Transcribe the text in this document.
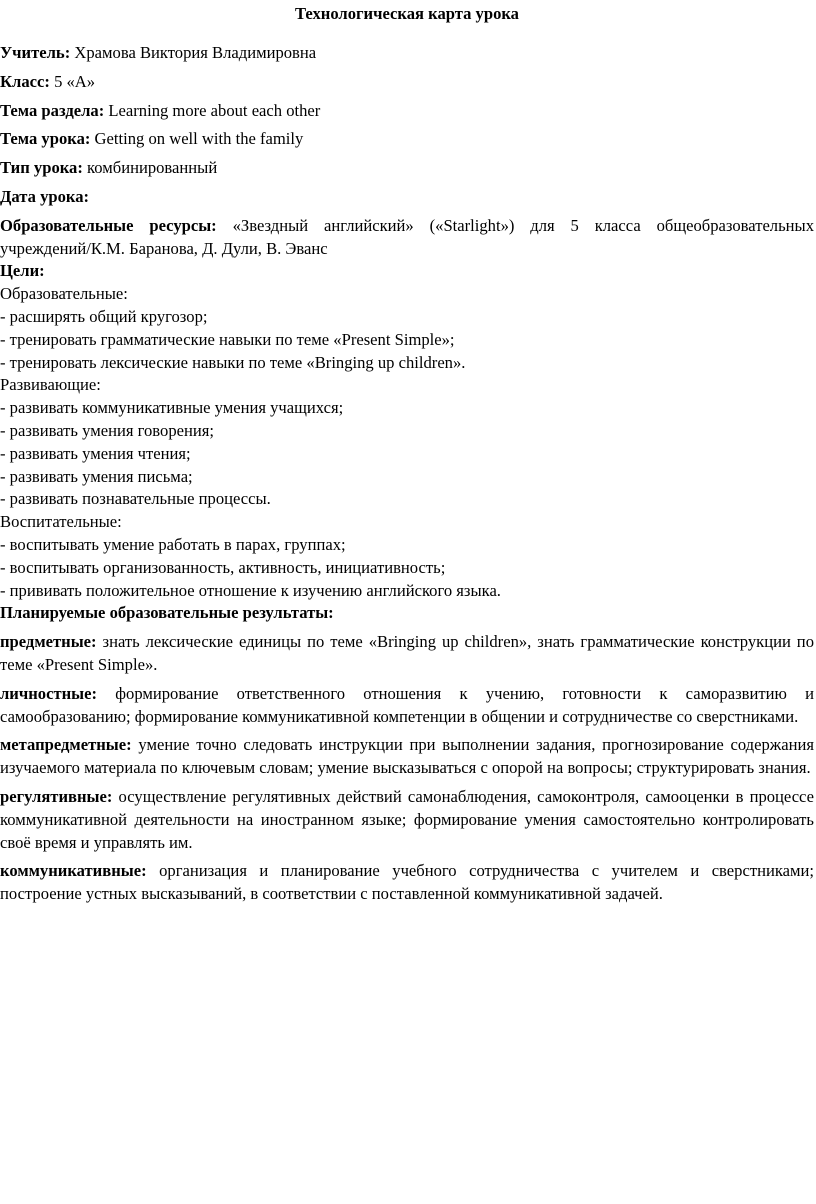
Технологическая карта урока

Учитель: Храмова Виктория Владимировна

Класс: 5 «А»

Тема раздела: Learning more about each other

Тема урока: Getting on well with the family

Тип урока: комбинированный

Дата урока:

Образовательные ресурсы: «Звездный английский» («Starlight») для 5 класса общеобразовательных учреждений/К.М. Баранова, Д. Дули, В. Эванс

Цели:

Образовательные:

- расширять общий кругозор;
- тренировать грамматические навыки по теме «Present Simple»;
- тренировать лексические навыки по теме «Bringing up children».

Развивающие:

- развивать коммуникативные умения учащихся;
- развивать умения говорения;
- развивать умения чтения;
- развивать умения письма;
- развивать познавательные процессы.

Воспитательные:

- воспитывать умение работать в парах, группах;
- воспитывать организованность, активность, инициативность;
- прививать положительное отношение к изучению английского языка.

Планируемые образовательные результаты:

предметные: знать лексические единицы по теме «Bringing up children», знать грамматические конструкции по теме «Present Simple».

личностные: формирование ответственного отношения к учению, готовности к саморазвитию и самообразованию; формирование коммуникативной компетенции в общении и сотрудничестве со сверстниками.

метапредметные: умение точно следовать инструкции при выполнении задания, прогнозирование содержания изучаемого материала по ключевым словам; умение высказываться с опорой на вопросы; структурировать знания.

регулятивные: осуществление регулятивных действий самонаблюдения, самоконтроля, самооценки в процессе коммуникативной деятельности на иностранном языке; формирование умения самостоятельно контролировать своё время и управлять им.

коммуникативные: организация и планирование учебного сотрудничества с учителем и сверстниками; построение устных высказываний, в соответствии с поставленной коммуникативной задачей.
